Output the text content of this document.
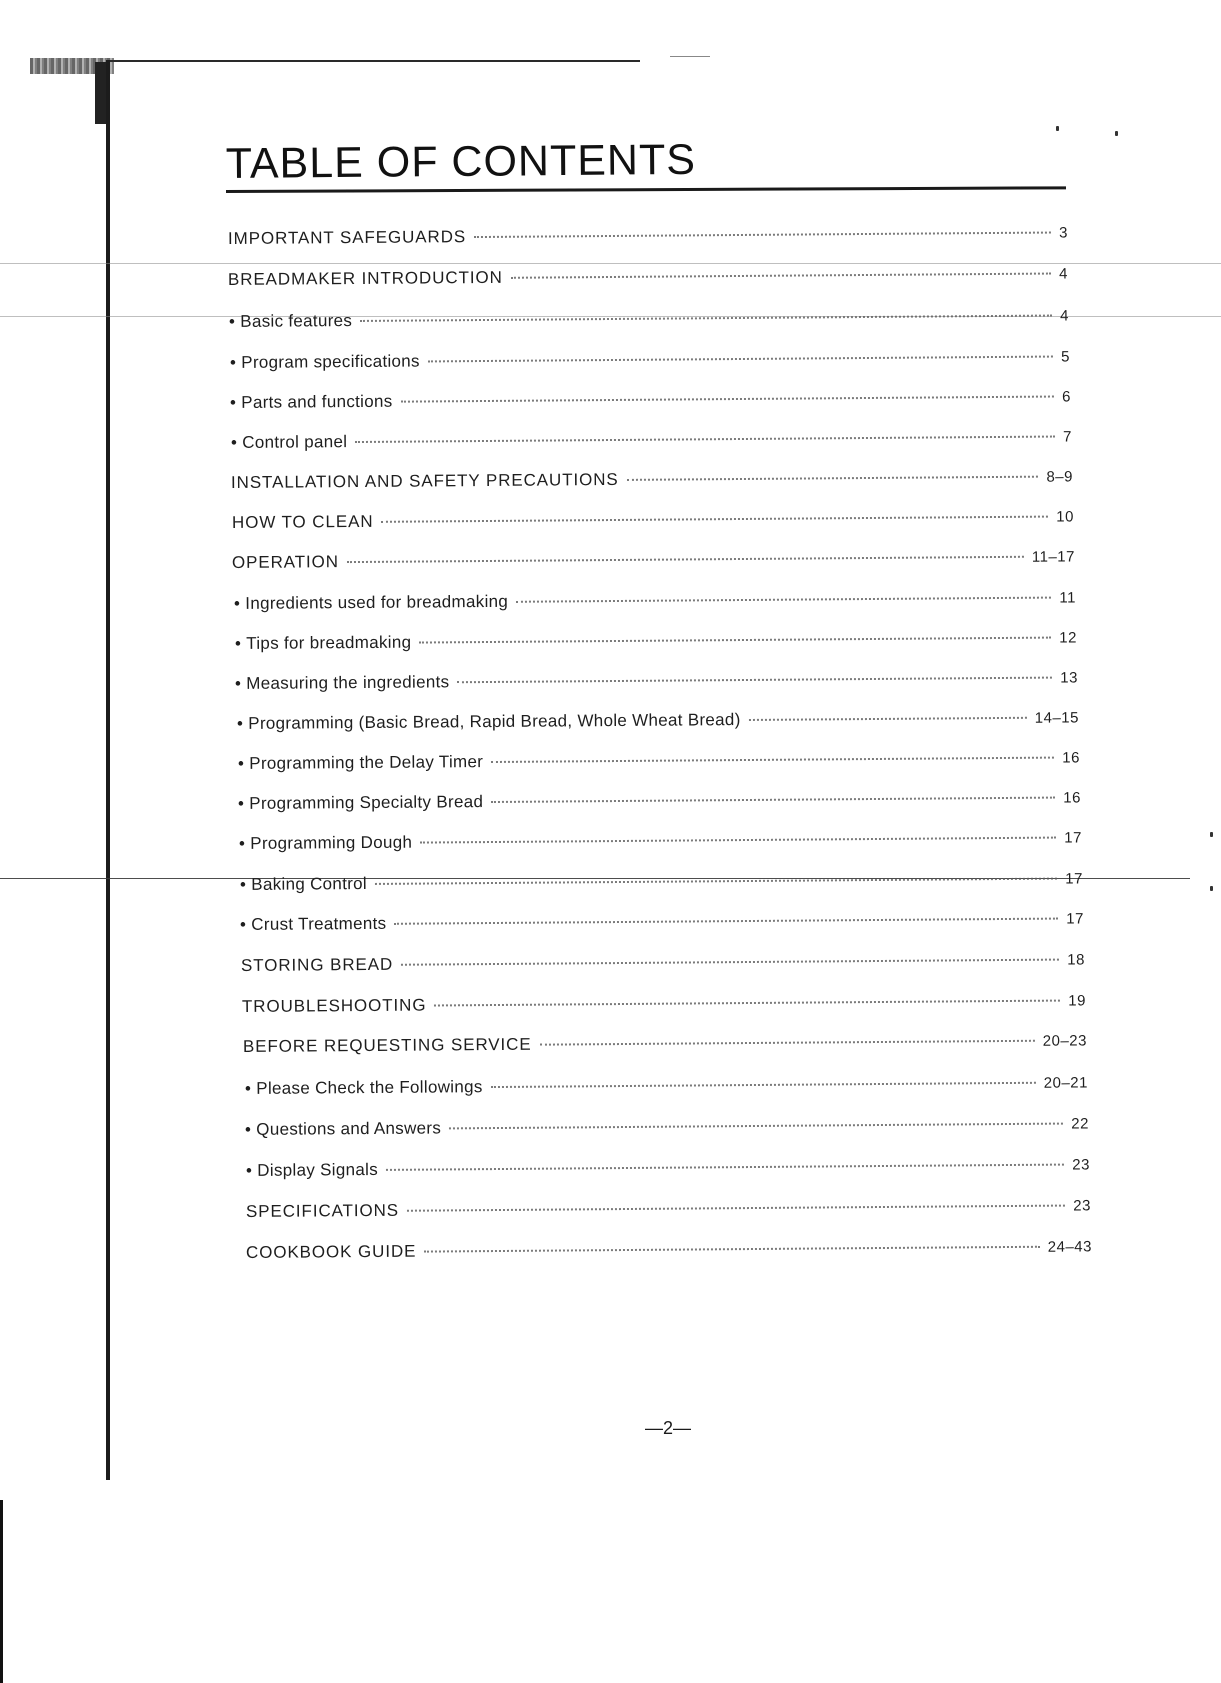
TABLE OF CONTENTS
IMPORTANT SAFEGUARDS	3
BREADMAKER INTRODUCTION	4
• Basic features	4
• Program specifications	5
• Parts and functions	6
• Control panel	7
INSTALLATION AND SAFETY PRECAUTIONS	8–9
HOW TO CLEAN	10
OPERATION	11–17
• Ingredients used for breadmaking	11
• Tips for breadmaking	12
• Measuring the ingredients	13
• Programming (Basic Bread, Rapid Bread, Whole Wheat Bread)	14–15
• Programming the Delay Timer	16
• Programming Specialty Bread	16
• Programming Dough	17
• Baking Control	17
• Crust Treatments	17
STORING BREAD	18
TROUBLESHOOTING	19
BEFORE REQUESTING SERVICE	20–23
• Please Check the Followings	20–21
• Questions and Answers	22
• Display Signals	23
SPECIFICATIONS	23
COOKBOOK GUIDE	24–43

—2—
